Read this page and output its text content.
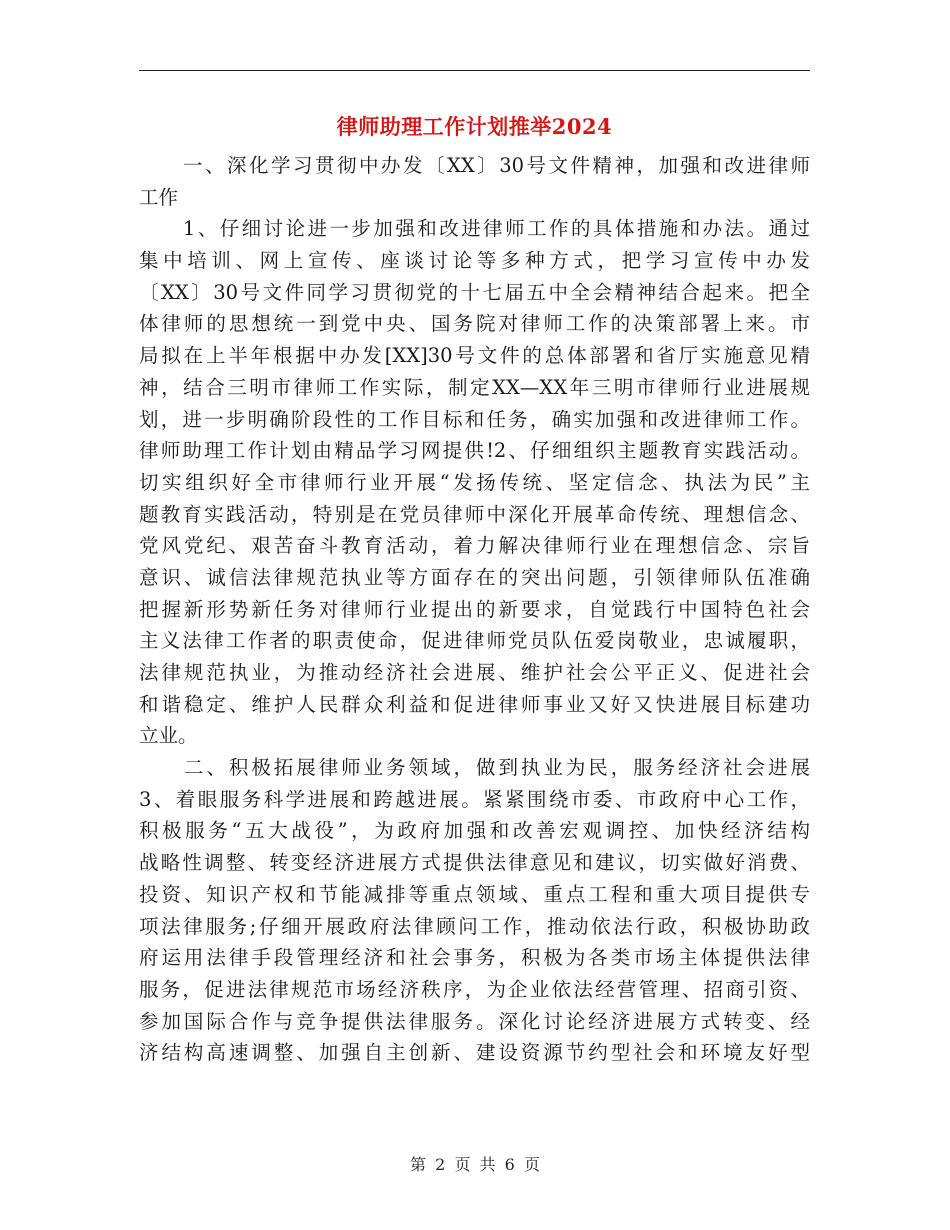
律师助理工作计划推举2024
　　一、深化学习贯彻中办发〔XX〕30号文件精神，加强和改进律师
工作
　　1、仔细讨论进一步加强和改进律师工作的具体措施和办法。通过
集中培训、网上宣传、座谈讨论等多种方式，把学习宣传中办发
〔XX〕30号文件同学习贯彻党的十七届五中全会精神结合起来。把全
体律师的思想统一到党中央、国务院对律师工作的决策部署上来。市
局拟在上半年根据中办发[XX]30号文件的总体部署和省厅实施意见精
神，结合三明市律师工作实际，制定XX—XX年三明市律师行业进展规
划，进一步明确阶段性的工作目标和任务，确实加强和改进律师工作。
律师助理工作计划由精品学习网提供!2、仔细组织主题教育实践活动。
切实组织好全市律师行业开展“发扬传统、坚定信念、执法为民”主
题教育实践活动，特别是在党员律师中深化开展革命传统、理想信念、
党风党纪、艰苦奋斗教育活动，着力解决律师行业在理想信念、宗旨
意识、诚信法律规范执业等方面存在的突出问题，引领律师队伍准确
把握新形势新任务对律师行业提出的新要求，自觉践行中国特色社会
主义法律工作者的职责使命，促进律师党员队伍爱岗敬业，忠诚履职，
法律规范执业，为推动经济社会进展、维护社会公平正义、促进社会
和谐稳定、维护人民群众利益和促进律师事业又好又快进展目标建功
立业。
　　二、积极拓展律师业务领域，做到执业为民，服务经济社会进展
3、着眼服务科学进展和跨越进展。紧紧围绕市委、市政府中心工作，
积极服务“五大战役”，为政府加强和改善宏观调控、加快经济结构
战略性调整、转变经济进展方式提供法律意见和建议，切实做好消费、
投资、知识产权和节能减排等重点领域、重点工程和重大项目提供专
项法律服务;仔细开展政府法律顾问工作，推动依法行政，积极协助政
府运用法律手段管理经济和社会事务，积极为各类市场主体提供法律
服务，促进法律规范市场经济秩序，为企业依法经营管理、招商引资、
参加国际合作与竞争提供法律服务。深化讨论经济进展方式转变、经
济结构高速调整、加强自主创新、建设资源节约型社会和环境友好型
第 2 页 共 6 页
